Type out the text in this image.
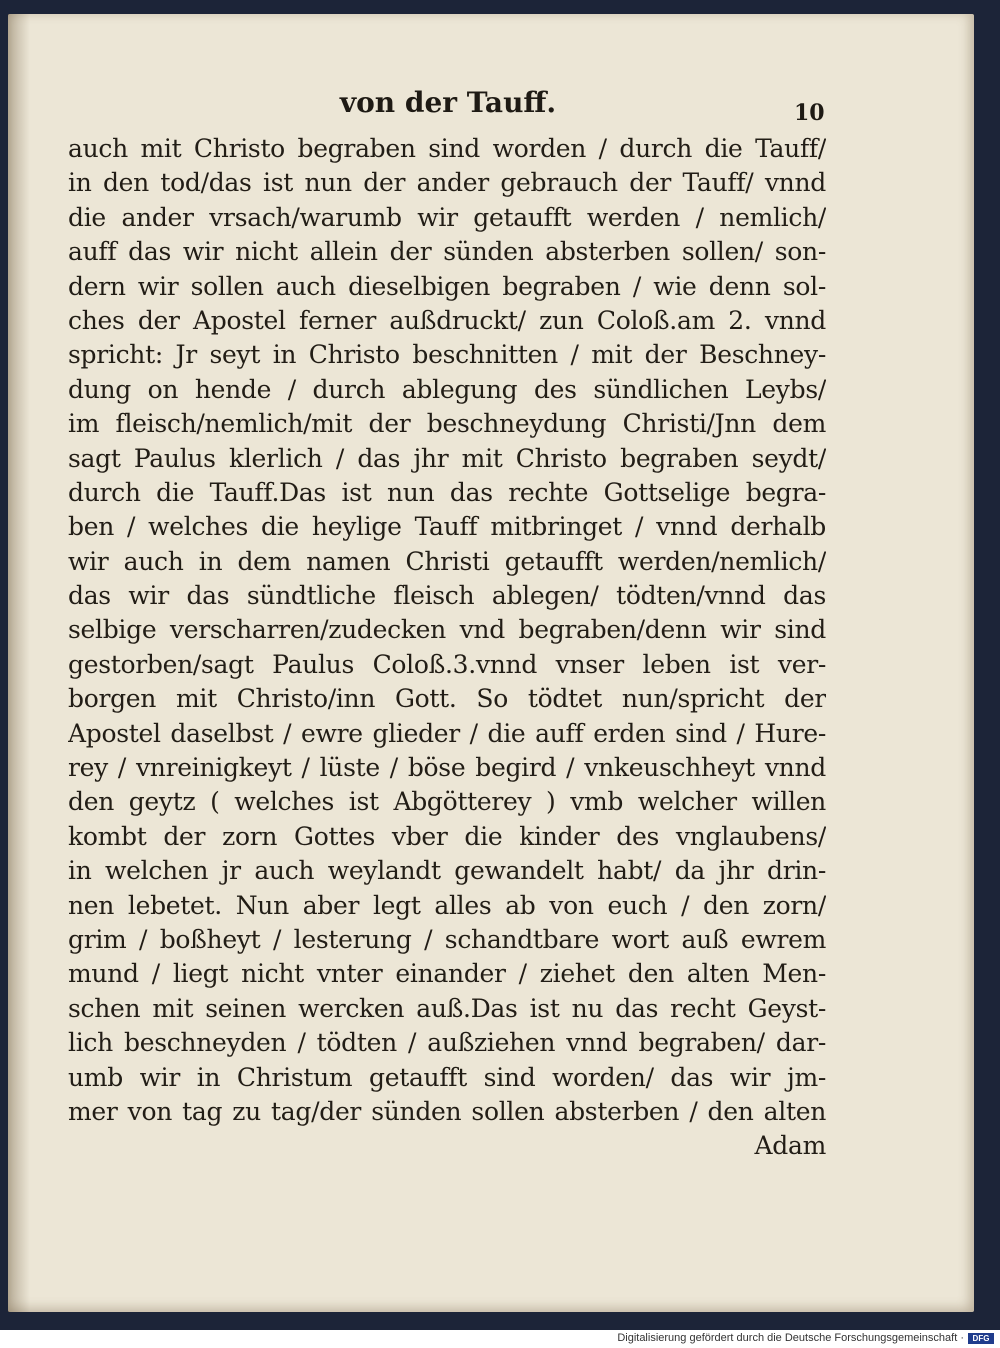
von der Tauff.	10
auch mit Christo begraben sind worden / durch die Tauff/
in den tod/das ist nun der ander gebrauch der Tauff/ vnnd
die ander vrsach/warumb wir getaufft werden / nemlich/
auff das wir nicht allein der sünden absterben sollen/ son-
dern wir sollen auch dieselbigen begraben / wie denn sol-
ches der Apostel ferner außdruckt/ zun Coloß.am 2. vnnd
spricht: Jr seyt in Christo beschnitten / mit der Beschney-
dung on hende / durch ablegung des sündlichen Leybs/
im fleisch/nemlich/mit der beschneydung Christi/Jnn dem
sagt Paulus klerlich / das jhr mit Christo begraben seydt/
durch die Tauff.Das ist nun das rechte Gottselige begra-
ben / welches die heylige Tauff mitbringet / vnnd derhalb
wir auch in dem namen Christi getaufft werden/nemlich/
das wir das sündtliche fleisch ablegen/ tödten/vnnd das
selbige verscharren/zudecken vnd begraben/denn wir sind
gestorben/sagt Paulus Coloß.3.vnnd vnser leben ist ver-
borgen mit Christo/inn Gott. So tödtet nun/spricht der
Apostel daselbst / ewre glieder / die auff erden sind / Hure-
rey / vnreinigkeyt / lüste / böse begird / vnkeuschheyt vnnd
den geytz ( welches ist Abgötterey ) vmb welcher willen
kombt der zorn Gottes vber die kinder des vnglaubens/
in welchen jr auch weylandt gewandelt habt/ da jhr drin-
nen lebetet. Nun aber legt alles ab von euch / den zorn/
grim / boßheyt / lesterung / schandtbare wort auß ewrem
mund / liegt nicht vnter einander / ziehet den alten Men-
schen mit seinen wercken auß.Das ist nu das recht Geyst-
lich beschneyden / tödten / außziehen vnnd begraben/ dar-
umb wir in Christum getaufft sind worden/ das wir jm-
mer von tag zu tag/der sünden sollen absterben / den alten
Adam
Digitalisierung gefördert durch die Deutsche Forschungsgemeinschaft ·	DFG
